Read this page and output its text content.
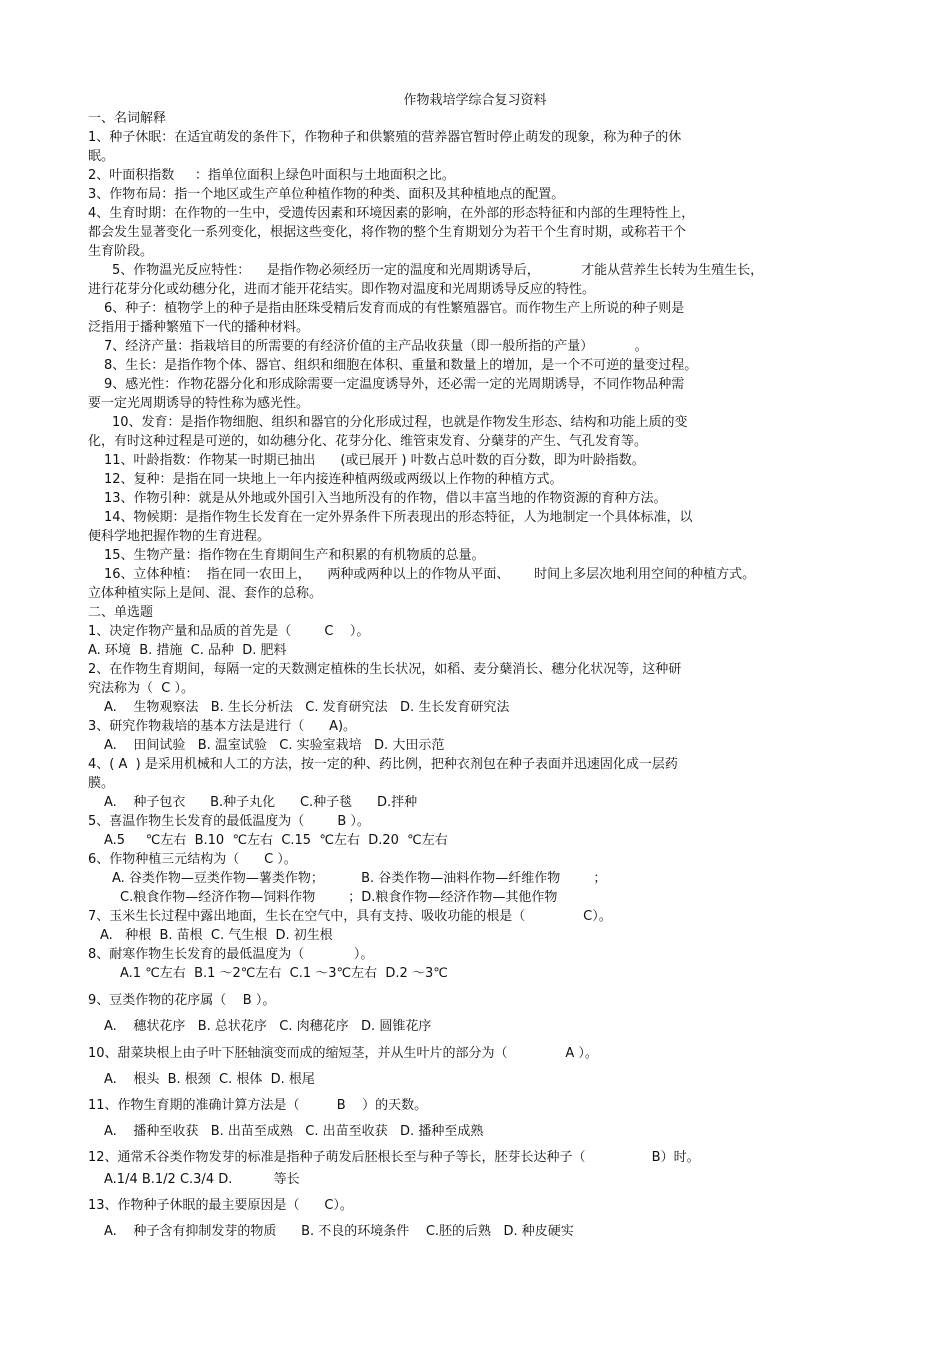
作物栽培学综合复习资料
一、名词解释
1、种子休眠：在适宜萌发的条件下，作物种子和供繁殖的营养器官暂时停止萌发的现象，称为种子的休
眠。
2、叶面积指数     ：指单位面积上绿色叶面积与土地面积之比。
3、作物布局：指一个地区或生产单位种植作物的种类、面积及其种植地点的配置。
4、生育时期：在作物的一生中，受遗传因素和环境因素的影响，在外部的形态特征和内部的生理特性上，
都会发生显著变化一系列变化，根据这些变化，将作物的整个生育期划分为若干个生育时期，或称若干个
生育阶段。
5、作物温光反应特性：    是指作物必须经历一定的温度和光周期诱导后，          才能从营养生长转为生殖生长，
进行花芽分化或幼穗分化，进而才能开花结实。即作物对温度和光周期诱导反应的特性。
6、种子：植物学上的种子是指由胚珠受精后发育而成的有性繁殖器官。而作物生产上所说的种子则是
泛指用于播种繁殖下一代的播种材料。
7、经济产量：指栽培目的所需要的有经济价值的主产品收获量（即一般所指的产量）          。
8、生长：是指作物个体、器官、组织和细胞在体积、重量和数量上的增加，是一个不可逆的量变过程。
9、感光性：作物花器分化和形成除需要一定温度诱导外，还必需一定的光周期诱导，不同作物品种需
要一定光周期诱导的特性称为感光性。
10、发育：是指作物细胞、组织和器官的分化形成过程，也就是作物发生形态、结构和功能上质的变
化，有时这种过程是可逆的，如幼穗分化、花芽分化、维管束发育、分蘖芽的产生、气孔发育等。
11、叶龄指数：作物某一时期已抽出      (或已展开 ) 叶数占总叶数的百分数，即为叶龄指数。
12、复种：是指在同一块地上一年内接连种植两级或两级以上作物的种植方式。
13、作物引种：就是从外地或外国引入当地所没有的作物，借以丰富当地的作物资源的育种方法。
14、物候期：是指作物生长发育在一定外界条件下所表现出的形态特征，人为地制定一个具体标准，以
便科学地把握作物的生育进程。
15、生物产量：指作物在生育期间生产和积累的有机物质的总量。
16、立体种植：  指在同一农田上，    两种或两种以上的作物从平面、      时间上多层次地利用空间的种植方式。
立体种植实际上是间、混、套作的总称。
二、单选题
1、决定作物产量和品质的首先是（        C    ）。
A. 环境  B. 措施  C. 品种  D. 肥料
2、在作物生育期间，每隔一定的天数测定植株的生长状况，如稻、麦分蘖消长、穗分化状况等，这种研
究法称为（  C ）。
A.    生物观察法   B. 生长分析法   C. 发育研究法   D. 生长发育研究法
3、研究作物栽培的基本方法是进行（      A)。
A.    田间试验   B. 温室试验   C. 实验室栽培   D. 大田示范
4、( A  ) 是采用机械和人工的方法，按一定的种、药比例，把种衣剂包在种子表面并迅速固化成一层药
膜。
A.    种子包衣      B.种子丸化      C.种子毯      D.拌种
5、喜温作物生长发育的最低温度为（        B ）。
A.5     ℃左右  B.10  ℃左右  C.15  ℃左右  D.20  ℃左右
6、作物种植三元结构为（      C ）。
A. 谷类作物—豆类作物—薯类作物；         B. 谷类作物—油料作物—纤维作物        ；
C.粮食作物—经济作物—饲料作物        ；D.粮食作物—经济作物—其他作物
7、玉米生长过程中露出地面，生长在空气中，具有支持、吸收功能的根是（              C）。
A.   种根  B. 苗根  C. 气生根  D. 初生根
8、耐寒作物生长发育的最低温度为（            ）。
A.1 ℃左右  B.1 ～2℃左右  C.1 ～3℃左右  D.2 ～3℃
9、豆类作物的花序属（    B ）。
A.    穗状花序   B. 总状花序   C. 肉穗花序   D. 圆锥花序
10、甜菜块根上由子叶下胚轴演变而成的缩短茎，并从生叶片的部分为（              A ）。
A.    根头  B. 根颈  C. 根体  D. 根尾
11、作物生育期的准确计算方法是（         B    ）的天数。
A.    播种至收获   B. 出苗至成熟   C. 出苗至收获   D. 播种至成熟
12、通常禾谷类作物发芽的标准是指种子萌发后胚根长至与种子等长，胚芽长达种子（                B）时。
A.1/4 B.1/2 C.3/4 D.          等长
13、作物种子休眠的最主要原因是（      C）。
A.    种子含有抑制发芽的物质      B. 不良的环境条件    C.胚的后熟   D. 种皮硬实
